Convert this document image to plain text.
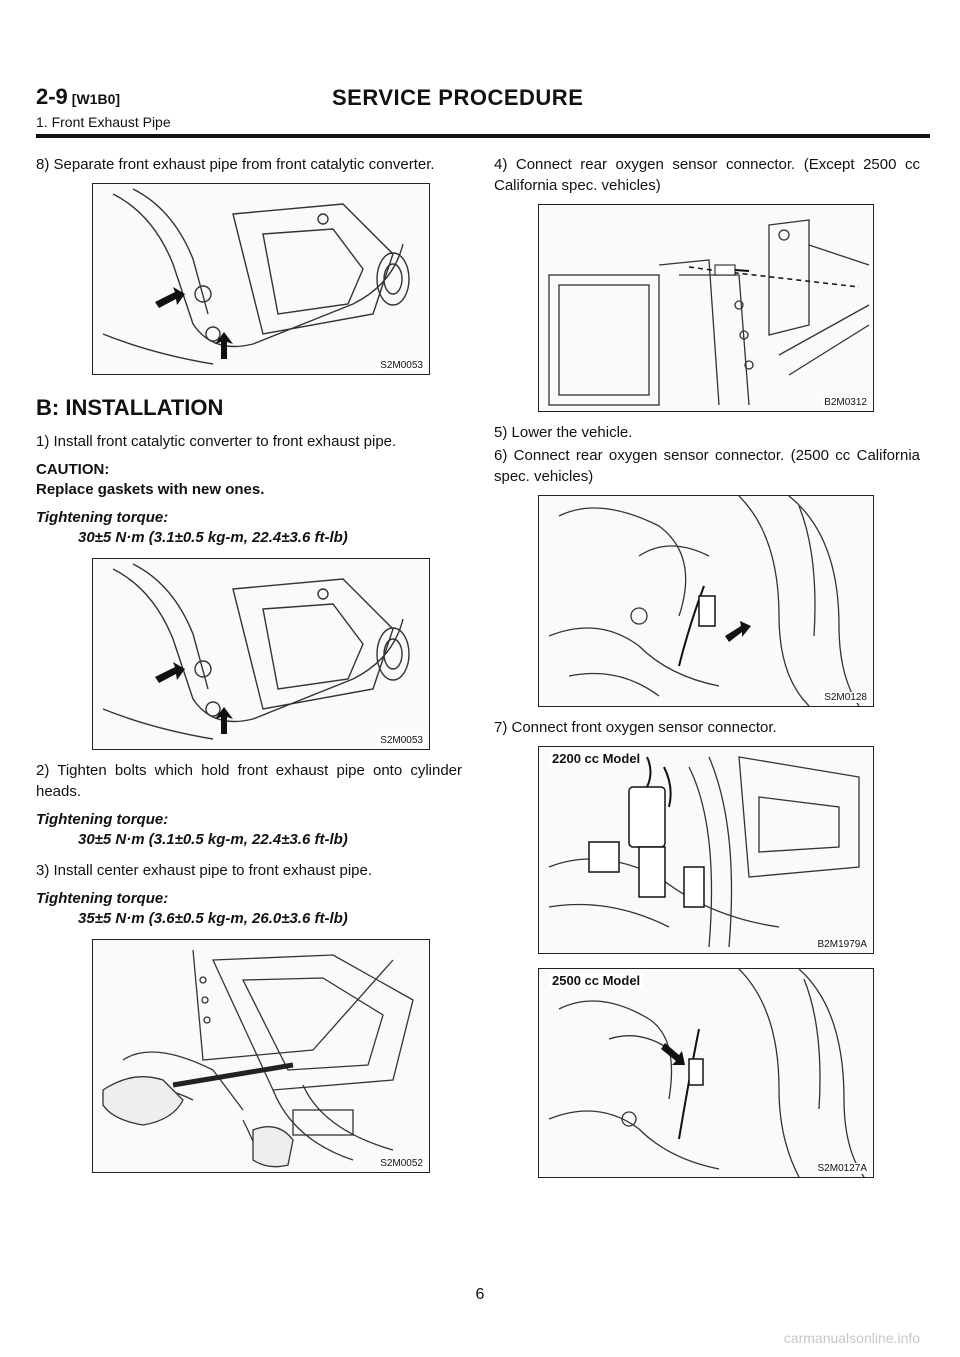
2-9 [W1B0]	SERVICE PROCEDURE
1. Front Exhaust Pipe

8) Separate front exhaust pipe from front catalytic converter.

S2M0053
B: INSTALLATION

1) Install front catalytic converter to front exhaust pipe.

CAUTION:

Replace gaskets with new ones.

Tightening torque:

30±5 N·m (3.1±0.5 kg-m, 22.4±3.6 ft-lb)

S2M0053

2) Tighten bolts which hold front exhaust pipe onto cylinder heads.

Tightening torque:

30±5 N·m (3.1±0.5 kg-m, 22.4±3.6 ft-lb)

3) Install center exhaust pipe to front exhaust pipe.

Tightening torque:

35±5 N·m (3.6±0.5 kg-m, 26.0±3.6 ft-lb)

S2M0052

4) Connect rear oxygen sensor connector. (Except 2500 cc California spec. vehicles)

B2M0312

5) Lower the vehicle.

6) Connect rear oxygen sensor connector. (2500 cc California spec. vehicles)

S2M0128

7) Connect front oxygen sensor connector.

2200 cc Model
B2M1979A
2500 cc Model
S2M0127A
6
carmanualsonline.info
